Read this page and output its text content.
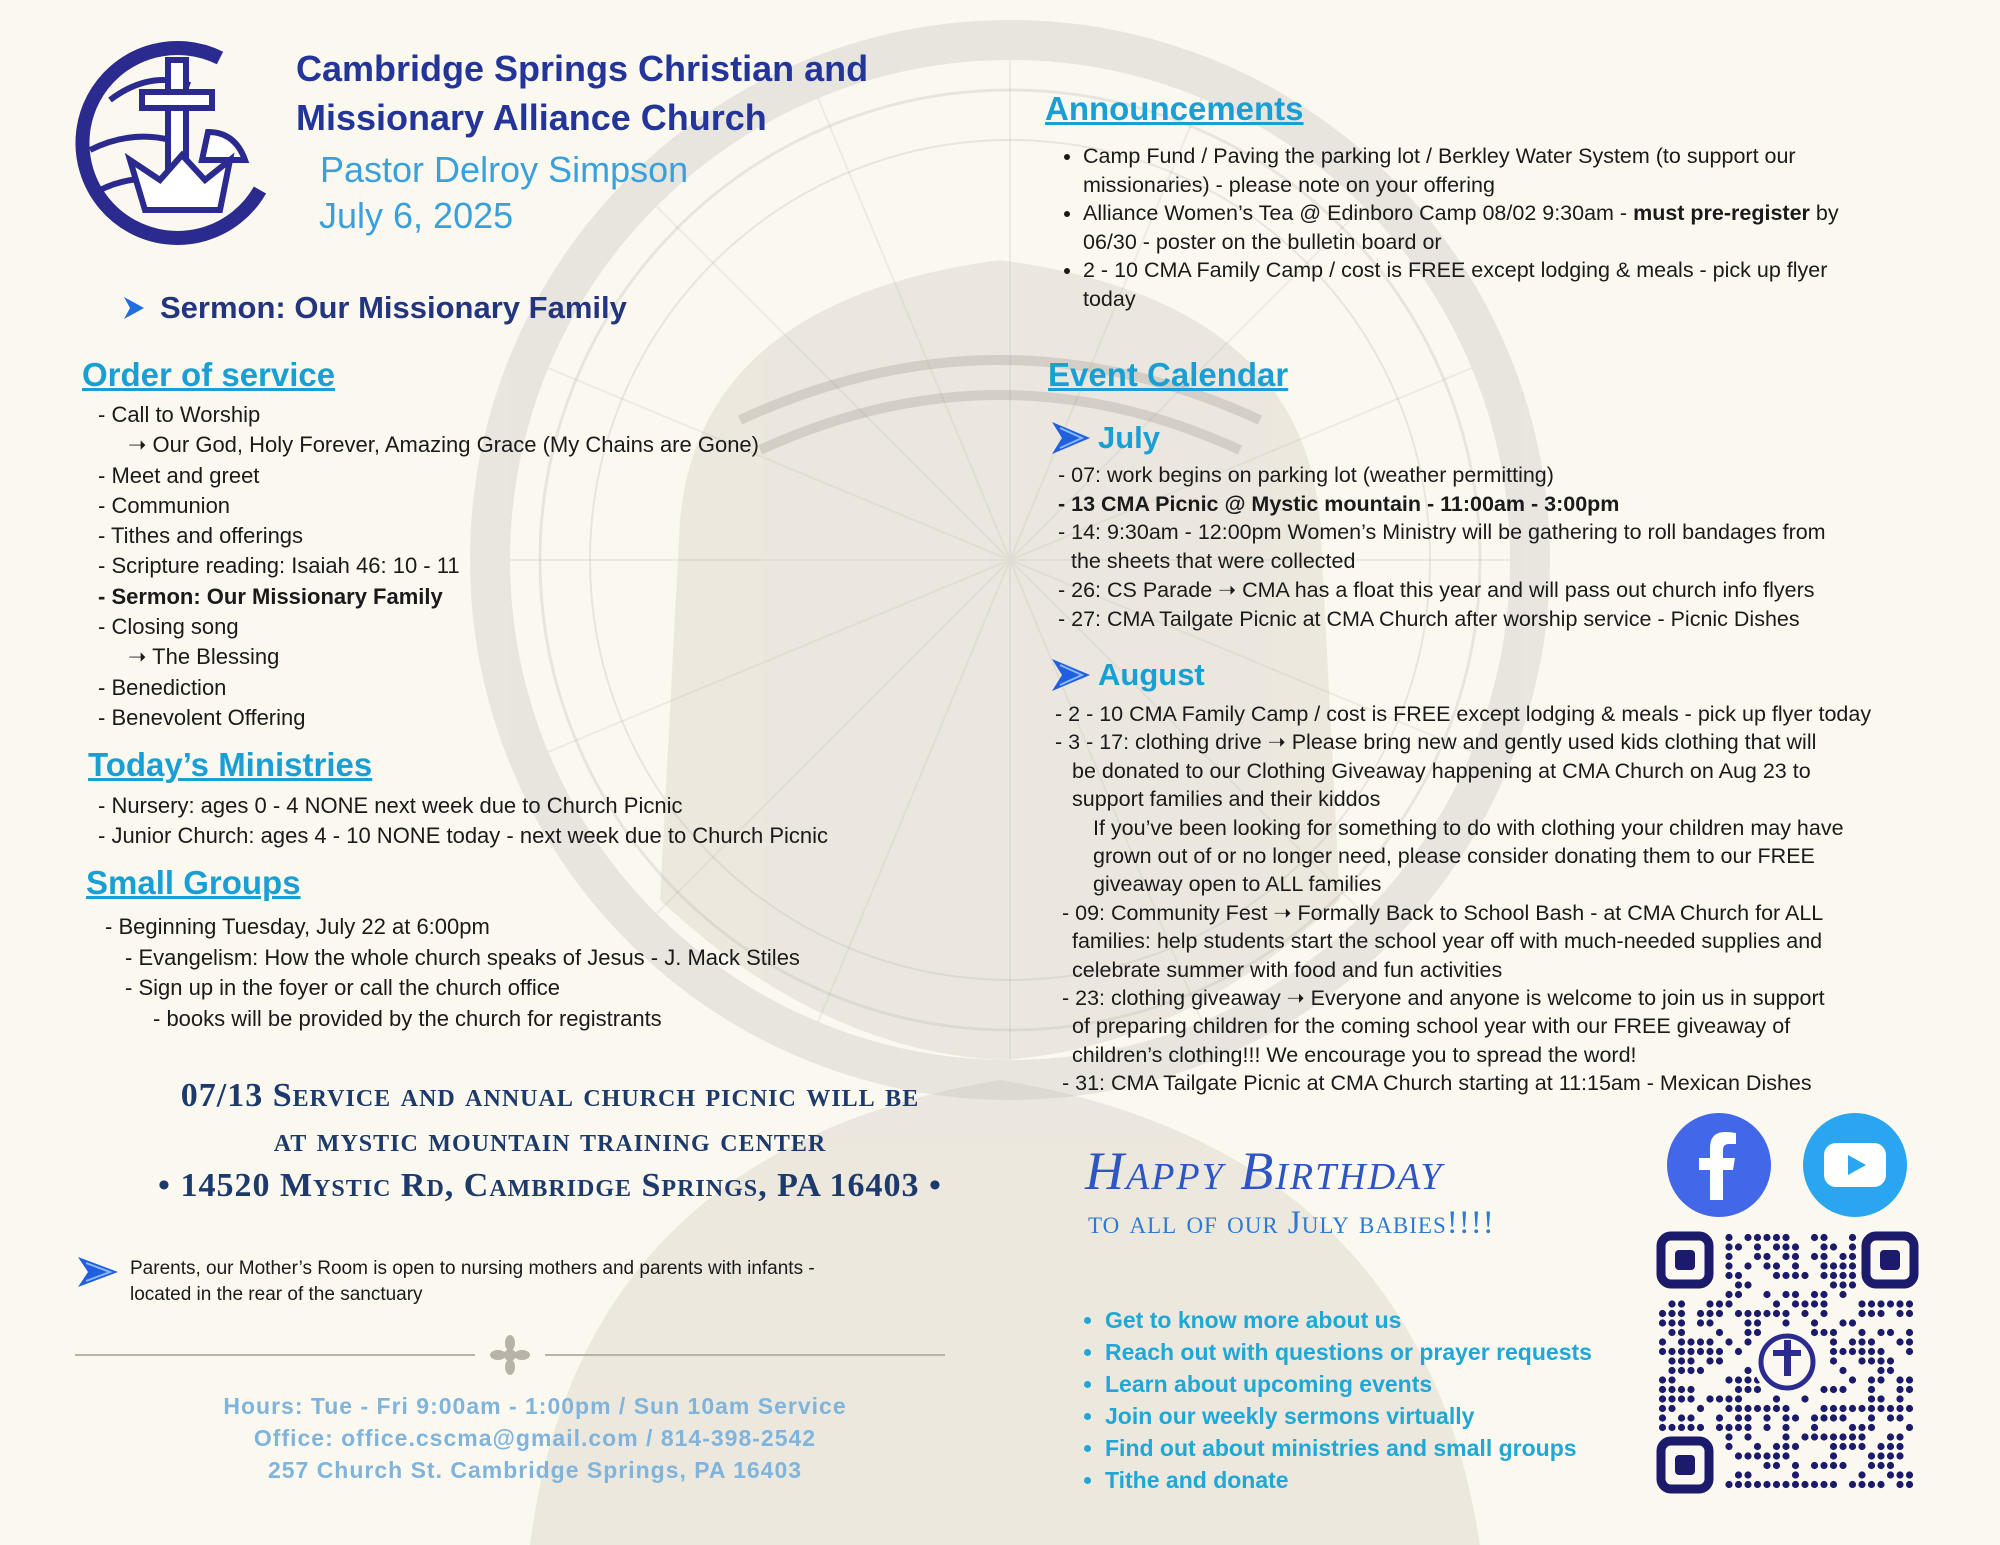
®
Cambridge Springs Christian and
Missionary Alliance Church
Pastor Delroy Simpson
July 6, 2025
Sermon: Our Missionary Family
Order of service
- Call to Worship
➝ Our God, Holy Forever, Amazing Grace (My Chains are Gone)
- Meet and greet
- Communion
- Tithes and offerings
- Scripture reading: Isaiah 46: 10 - 11
- Sermon: Our Missionary Family
- Closing song
➝ The Blessing
- Benediction
- Benevolent Offering
Today’s Ministries
- Nursery: ages 0 - 4 NONE next week due to Church Picnic
- Junior Church: ages 4 - 10 NONE today - next week due to Church Picnic
Small Groups
- Beginning Tuesday, July 22 at 6:00pm
- Evangelism: How the whole church speaks of Jesus - J. Mack Stiles
- Sign up in the foyer or call the church office
- books will be provided by the church for registrants
07/13 Service and annual church picnic will be
at mystic mountain training center
• 14520 Mystic Rd, Cambridge Springs, PA 16403 •
Parents, our Mother’s Room is open to nursing mothers and parents with infants -
located in the rear of the sanctuary
Hours: Tue - Fri 9:00am - 1:00pm / Sun 10am Service
Office: office.cscma@gmail.com / 814-398-2542
257 Church St. Cambridge Springs, PA 16403
Announcements
• Camp Fund / Paving the parking lot / Berkley Water System (to support our
missionaries) - please note on your offering
• Alliance Women’s Tea @ Edinboro Camp 08/02 9:30am - must pre-register by
06/30 - poster on the bulletin board or
• 2 - 10 CMA Family Camp / cost is FREE except lodging & meals - pick up flyer
today
Event Calendar
July
- 07: work begins on parking lot (weather permitting)
- 13 CMA Picnic @ Mystic mountain - 11:00am - 3:00pm
- 14: 9:30am - 12:00pm Women’s Ministry will be gathering to roll bandages from
the sheets that were collected
- 26: CS Parade ➝ CMA has a float this year and will pass out church info flyers
- 27: CMA Tailgate Picnic at CMA Church after worship service - Picnic Dishes
August
- 2 - 10 CMA Family Camp / cost is FREE except lodging & meals - pick up flyer today
- 3 - 17: clothing drive ➝ Please bring new and gently used kids clothing that will
be donated to our Clothing Giveaway happening at CMA Church on Aug 23 to
support families and their kiddos
If you’ve been looking for something to do with clothing your children may have
grown out of or no longer need, please consider donating them to our FREE
giveaway open to ALL families
- 09: Community Fest ➝ Formally Back to School Bash - at CMA Church for ALL
families: help students start the school year off with much-needed supplies and
celebrate summer with food and fun activities
- 23: clothing giveaway ➝ Everyone and anyone is welcome to join us in support
of preparing children for the coming school year with our FREE giveaway of
children’s clothing!!! We encourage you to spread the word!
- 31: CMA Tailgate Picnic at CMA Church starting at 11:15am - Mexican Dishes
Happy Birthday
to all of our July babies!!!!
• Get to know more about us
• Reach out with questions or prayer requests
• Learn about upcoming events
• Join our weekly sermons virtually
• Find out about ministries and small groups
• Tithe and donate
